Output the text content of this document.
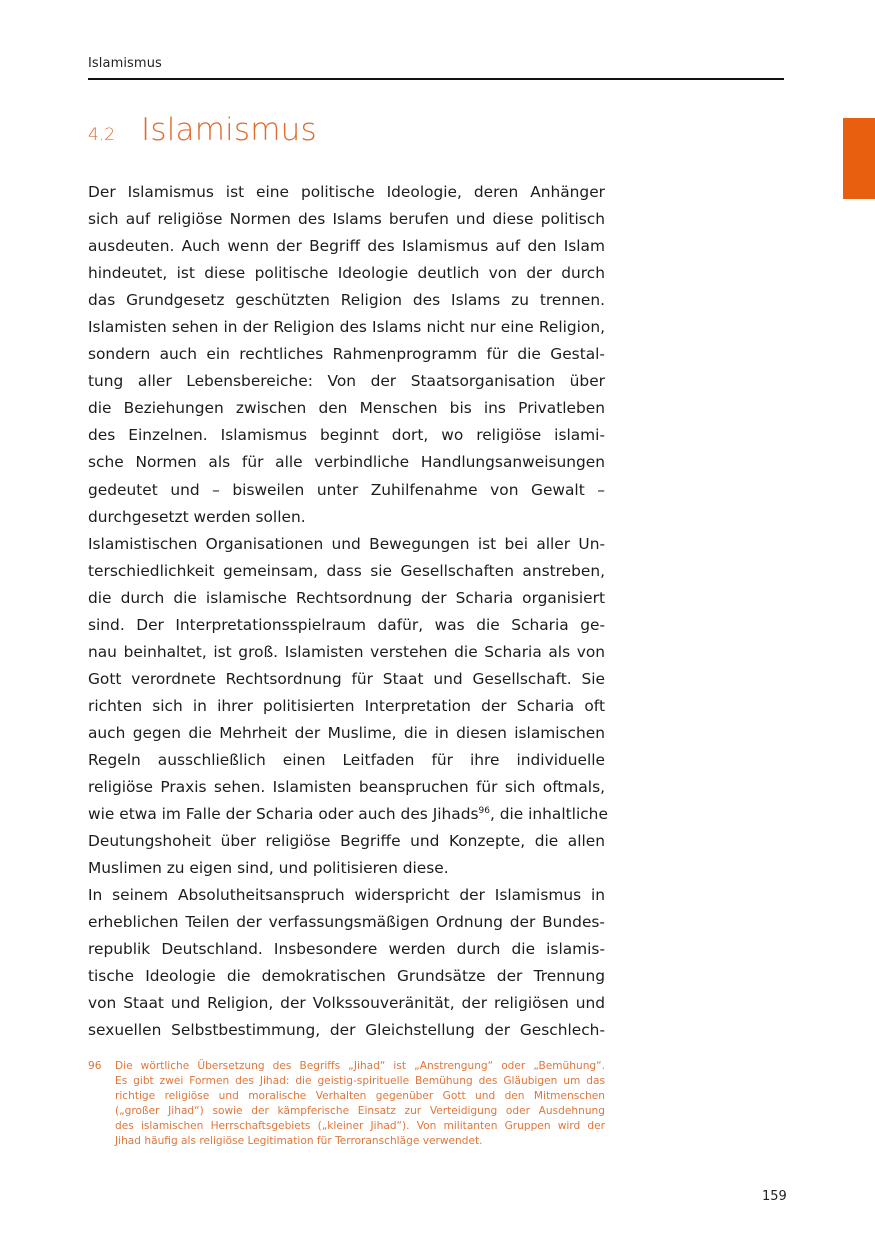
Islamismus
4.2 Islamismus

Der Islamismus ist eine politische Ideologie, deren Anhänger
sich auf religiöse Normen des Islams berufen und diese politisch
ausdeuten. Auch wenn der Begriff des Islamismus auf den Islam
hindeutet, ist diese politische Ideologie deutlich von der durch
das Grundgesetz geschützten Religion des Islams zu trennen.
Islamisten sehen in der Religion des Islams nicht nur eine Religion,
sondern auch ein rechtliches Rahmenprogramm für die Gestal-
tung aller Lebensbereiche: Von der Staatsorganisation über
die Beziehungen zwischen den Menschen bis ins Privatleben
des Einzelnen. Islamismus beginnt dort, wo religiöse islami-
sche Normen als für alle verbindliche Handlungsanweisungen
gedeutet und – bisweilen unter Zuhilfenahme von Gewalt –
durchgesetzt werden sollen.

Islamistischen Organisationen und Bewegungen ist bei aller Un-
terschiedlichkeit gemeinsam, dass sie Gesellschaften anstreben,
die durch die islamische Rechtsordnung der Scharia organisiert
sind. Der Interpretationsspielraum dafür, was die Scharia ge-
nau beinhaltet, ist groß. Islamisten verstehen die Scharia als von
Gott verordnete Rechtsordnung für Staat und Gesellschaft. Sie
richten sich in ihrer politisierten Interpretation der Scharia oft
auch gegen die Mehrheit der Muslime, die in diesen islamischen
Regeln ausschließlich einen Leitfaden für ihre individuelle
religiöse Praxis sehen. Islamisten beanspruchen für sich oftmals,
wie etwa im Falle der Scharia oder auch des Jihads$^{96}$, die inhaltliche
Deutungshoheit über religiöse Begriffe und Konzepte, die allen
Muslimen zu eigen sind, und politisieren diese.

In seinem Absolutheitsanspruch widerspricht der Islamismus in
erheblichen Teilen der verfassungsmäßigen Ordnung der Bundes-
republik Deutschland. Insbesondere werden durch die islamis-
tische Ideologie die demokratischen Grundsätze der Trennung
von Staat und Religion, der Volkssouveränität, der religiösen und
sexuellen Selbstbestimmung, der Gleichstellung der Geschlech-

96	Die wörtliche Übersetzung des Begriffs „Jihad“ ist „Anstrengung“ oder „Bemühung“.
Es gibt zwei Formen des Jihad: die geistig-spirituelle Bemühung des Gläubigen um das
richtige religiöse und moralische Verhalten gegenüber Gott und den Mitmenschen
(„großer Jihad“) sowie der kämpferische Einsatz zur Verteidigung oder Ausdehnung
des islamischen Herrschaftsgebiets („kleiner Jihad“). Von militanten Gruppen wird der
Jihad häufig als religiöse Legitimation für Terroranschläge verwendet.
159
